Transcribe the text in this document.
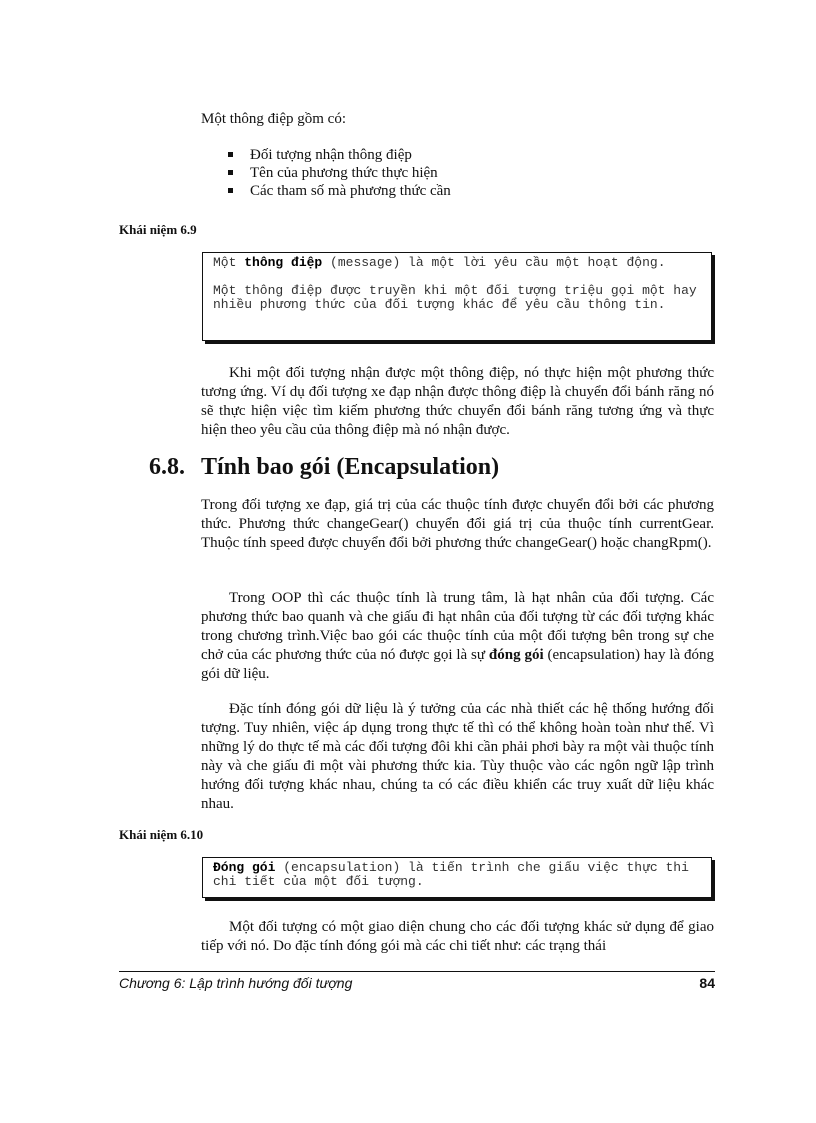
Một thông điệp gồm có:
Đối tượng nhận thông điệp
Tên của phương thức thực hiện
Các tham số mà phương thức cần
Khái niệm 6.9

Một thông điệp (message) là một lời yêu cầu một hoạt động.

Một thông điệp được truyền khi một đối tượng triệu gọi một hay nhiều phương thức của đối tượng khác để yêu cầu thông tin.

Khi một đối tượng nhận được một thông điệp, nó thực hiện một phương thức tương ứng. Ví dụ đối tượng xe đạp nhận được thông điệp là chuyển đổi bánh răng nó sẽ thực hiện việc tìm kiếm phương thức chuyển đổi bánh răng tương ứng và thực hiện theo yêu cầu của thông điệp mà nó nhận được.

6.8. Tính bao gói (Encapsulation)

Trong đối tượng xe đạp, giá trị của các thuộc tính được chuyển đổi bởi các phương thức. Phương thức changeGear() chuyển đổi giá trị của thuộc tính currentGear. Thuộc tính speed được chuyển đổi bởi phương thức changeGear() hoặc changRpm().

Trong OOP thì các thuộc tính là trung tâm, là hạt nhân của đối tượng. Các phương thức bao quanh và che giấu đi hạt nhân của đối tượng từ các đối tượng khác trong chương trình.Việc bao gói các thuộc tính của một đối tượng bên trong sự che chở của các phương thức của nó được gọi là sự đóng gói (encapsulation) hay là đóng gói dữ liệu.

Đặc tính đóng gói dữ liệu là ý tưởng của các nhà thiết các hệ thống hướng đối tượng. Tuy nhiên, việc áp dụng trong thực tế thì có thể không hoàn toàn như thế. Vì những lý do thực tế mà các đối tượng đôi khi cần phải phơi bày ra một vài thuộc tính này và che giấu đi một vài phương thức kia. Tùy thuộc vào các ngôn ngữ lập trình hướng đối tượng khác nhau, chúng ta có các điều khiển các truy xuất dữ liệu khác nhau.

Khái niệm 6.10

Đóng gói (encapsulation) là tiến trình che giấu việc thực thi chi tiết của một đối tượng.

Một đối tượng có một giao diện chung cho các đối tượng khác sử dụng để giao tiếp với nó. Do đặc tính đóng gói mà các chi tiết như: các trạng thái

Chương 6: Lập trình hướng đối tượng	84
